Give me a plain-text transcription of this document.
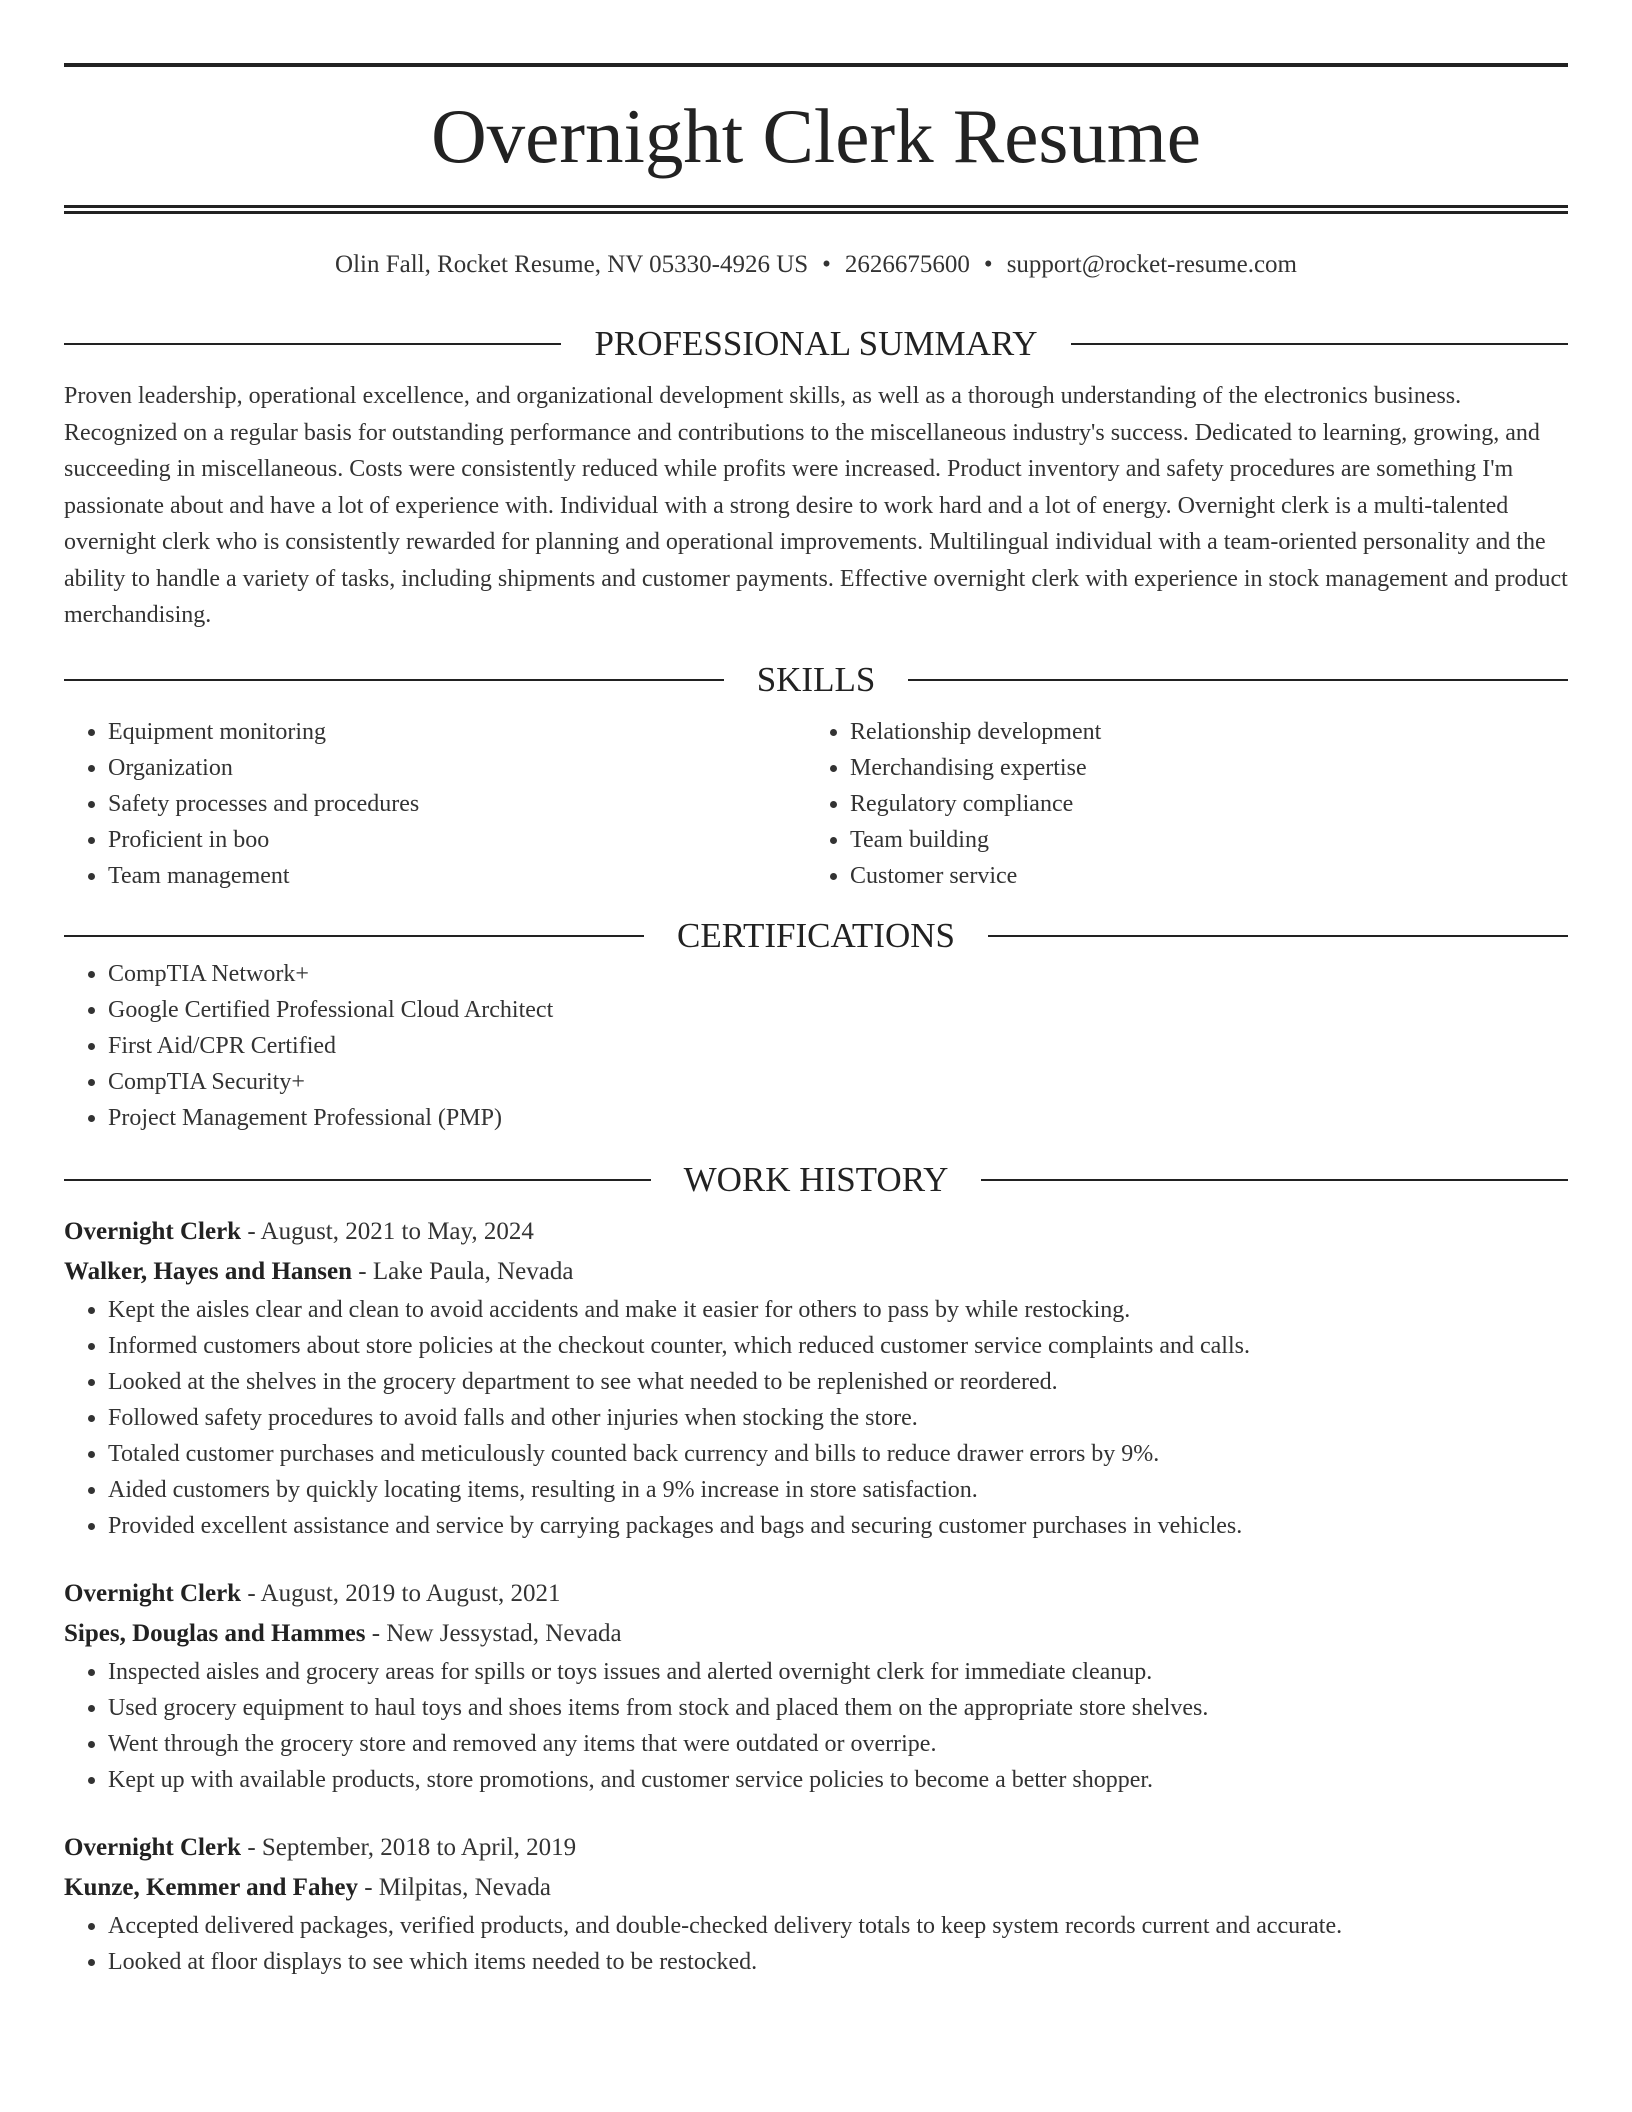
Overnight Clerk Resume
Olin Fall, Rocket Resume, NV 05330-4926 US • 2626675600 • support@rocket-resume.com
PROFESSIONAL SUMMARY

Proven leadership, operational excellence, and organizational development skills, as well as a thorough understanding of the electronics business. Recognized on a regular basis for outstanding performance and contributions to the miscellaneous industry's success. Dedicated to learning, growing, and succeeding in miscellaneous. Costs were consistently reduced while profits were increased. Product inventory and safety procedures are something I'm passionate about and have a lot of experience with. Individual with a strong desire to work hard and a lot of energy. Overnight clerk is a multi-talented overnight clerk who is consistently rewarded for planning and operational improvements. Multilingual individual with a team-oriented personality and the ability to handle a variety of tasks, including shipments and customer payments. Effective overnight clerk with experience in stock management and product merchandising.

SKILLS
• Equipment monitoring
• Organization
• Safety processes and procedures
• Proficient in boo
• Team management
• Relationship development
• Merchandising expertise
• Regulatory compliance
• Team building
• Customer service
CERTIFICATIONS
• CompTIA Network+
• Google Certified Professional Cloud Architect
• First Aid/CPR Certified
• CompTIA Security+
• Project Management Professional (PMP)
WORK HISTORY
Overnight Clerk - August, 2021 to May, 2024
Walker, Hayes and Hansen - Lake Paula, Nevada
• Kept the aisles clear and clean to avoid accidents and make it easier for others to pass by while restocking.
• Informed customers about store policies at the checkout counter, which reduced customer service complaints and calls.
• Looked at the shelves in the grocery department to see what needed to be replenished or reordered.
• Followed safety procedures to avoid falls and other injuries when stocking the store.
• Totaled customer purchases and meticulously counted back currency and bills to reduce drawer errors by 9%.
• Aided customers by quickly locating items, resulting in a 9% increase in store satisfaction.
• Provided excellent assistance and service by carrying packages and bags and securing customer purchases in vehicles.
Overnight Clerk - August, 2019 to August, 2021
Sipes, Douglas and Hammes - New Jessystad, Nevada
• Inspected aisles and grocery areas for spills or toys issues and alerted overnight clerk for immediate cleanup.
• Used grocery equipment to haul toys and shoes items from stock and placed them on the appropriate store shelves.
• Went through the grocery store and removed any items that were outdated or overripe.
• Kept up with available products, store promotions, and customer service policies to become a better shopper.
Overnight Clerk - September, 2018 to April, 2019
Kunze, Kemmer and Fahey - Milpitas, Nevada
• Accepted delivered packages, verified products, and double-checked delivery totals to keep system records current and accurate.
• Looked at floor displays to see which items needed to be restocked.
